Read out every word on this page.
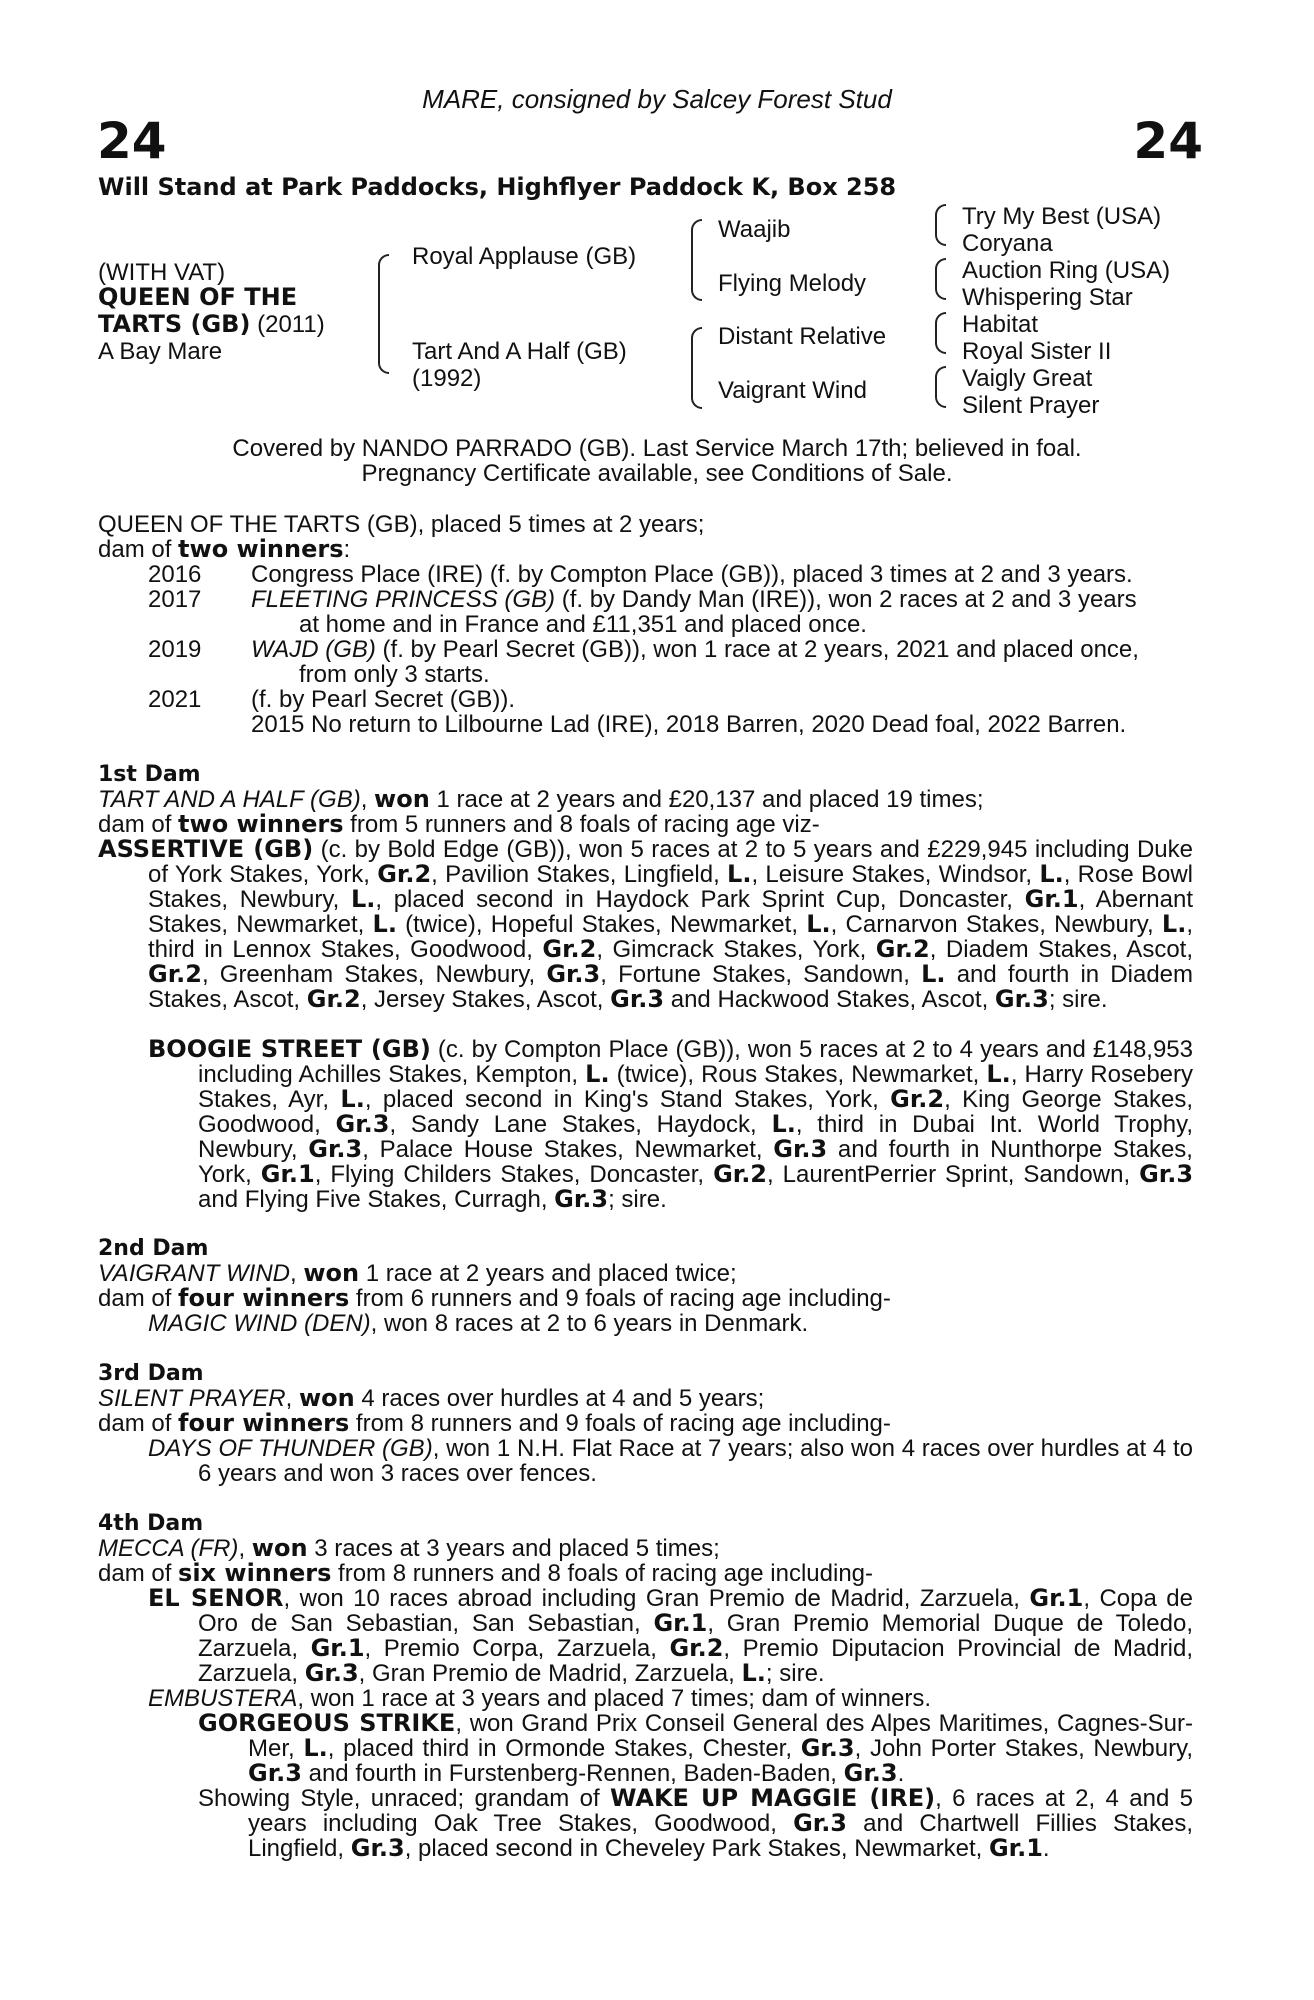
MARE, consigned by Salcey Forest Stud
24	24
Will Stand at Park Paddocks, Highflyer Paddock K, Box 258
(WITH VAT)
QUEEN OF THE
TARTS (GB) (2011)
A Bay Mare
Royal Applause (GB)
Tart And A Half (GB)
(1992)
Waajib
Flying Melody
Distant Relative
Vaigrant Wind
Try My Best (USA)
Coryana
Auction Ring (USA)
Whispering Star
Habitat
Royal Sister II
Vaigly Great
Silent Prayer
Covered by NANDO PARRADO (GB). Last Service March 17th; believed in foal.
Pregnancy Certificate available, see Conditions of Sale.
QUEEN OF THE TARTS (GB), placed 5 times at 2 years;
dam of two winners:
2016 Congress Place (IRE) (f. by Compton Place (GB)), placed 3 times at 2 and 3 years.
2017 FLEETING PRINCESS (GB) (f. by Dandy Man (IRE)), won 2 races at 2 and 3 years
at home and in France and £11,351 and placed once.
2019 WAJD (GB) (f. by Pearl Secret (GB)), won 1 race at 2 years, 2021 and placed once,
from only 3 starts.
2021 (f. by Pearl Secret (GB)).
2015 No return to Lilbourne Lad (IRE), 2018 Barren, 2020 Dead foal, 2022 Barren.
1st Dam
TART AND A HALF (GB), won 1 race at 2 years and £20,137 and placed 19 times;
dam of two winners from 5 runners and 8 foals of racing age viz-
ASSERTIVE (GB) (c. by Bold Edge (GB)), won 5 races at 2 to 5 years and £229,945 including Duke of York Stakes, York, Gr.2, Pavilion Stakes, Lingfield, L., Leisure Stakes, Windsor, L., Rose Bowl Stakes, Newbury, L., placed second in Haydock Park Sprint Cup, Doncaster, Gr.1, Abernant Stakes, Newmarket, L. (twice), Hopeful Stakes, Newmarket, L., Carnarvon Stakes, Newbury, L., third in Lennox Stakes, Goodwood, Gr.2, Gimcrack Stakes, York, Gr.2, Diadem Stakes, Ascot, Gr.2, Greenham Stakes, Newbury, Gr.3, Fortune Stakes, Sandown, L. and fourth in Diadem Stakes, Ascot, Gr.2, Jersey Stakes, Ascot, Gr.3 and Hackwood Stakes, Ascot, Gr.3; sire.
BOOGIE STREET (GB) (c. by Compton Place (GB)), won 5 races at 2 to 4 years and £148,953 including Achilles Stakes, Kempton, L. (twice), Rous Stakes, Newmarket, L., Harry Rosebery Stakes, Ayr, L., placed second in King's Stand Stakes, York, Gr.2, King George Stakes, Goodwood, Gr.3, Sandy Lane Stakes, Haydock, L., third in Dubai Int. World Trophy, Newbury, Gr.3, Palace House Stakes, Newmarket, Gr.3 and fourth in Nunthorpe Stakes, York, Gr.1, Flying Childers Stakes, Doncaster, Gr.2, LaurentPerrier Sprint, Sandown, Gr.3 and Flying Five Stakes, Curragh, Gr.3; sire.
2nd Dam
VAIGRANT WIND, won 1 race at 2 years and placed twice;
dam of four winners from 6 runners and 9 foals of racing age including-
MAGIC WIND (DEN), won 8 races at 2 to 6 years in Denmark.
3rd Dam
SILENT PRAYER, won 4 races over hurdles at 4 and 5 years;
dam of four winners from 8 runners and 9 foals of racing age including-
DAYS OF THUNDER (GB), won 1 N.H. Flat Race at 7 years; also won 4 races over hurdles at 4 to 6 years and won 3 races over fences.
4th Dam
MECCA (FR), won 3 races at 3 years and placed 5 times;
dam of six winners from 8 runners and 8 foals of racing age including-
EL SENOR, won 10 races abroad including Gran Premio de Madrid, Zarzuela, Gr.1, Copa de Oro de San Sebastian, San Sebastian, Gr.1, Gran Premio Memorial Duque de Toledo, Zarzuela, Gr.1, Premio Corpa, Zarzuela, Gr.2, Premio Diputacion Provincial de Madrid, Zarzuela, Gr.3, Gran Premio de Madrid, Zarzuela, L.; sire.
EMBUSTERA, won 1 race at 3 years and placed 7 times; dam of winners.
GORGEOUS STRIKE, won Grand Prix Conseil General des Alpes Maritimes, Cagnes-Sur-Mer, L., placed third in Ormonde Stakes, Chester, Gr.3, John Porter Stakes, Newbury, Gr.3 and fourth in Furstenberg-Rennen, Baden-Baden, Gr.3.
Showing Style, unraced; grandam of WAKE UP MAGGIE (IRE), 6 races at 2, 4 and 5 years including Oak Tree Stakes, Goodwood, Gr.3 and Chartwell Fillies Stakes, Lingfield, Gr.3, placed second in Cheveley Park Stakes, Newmarket, Gr.1.
